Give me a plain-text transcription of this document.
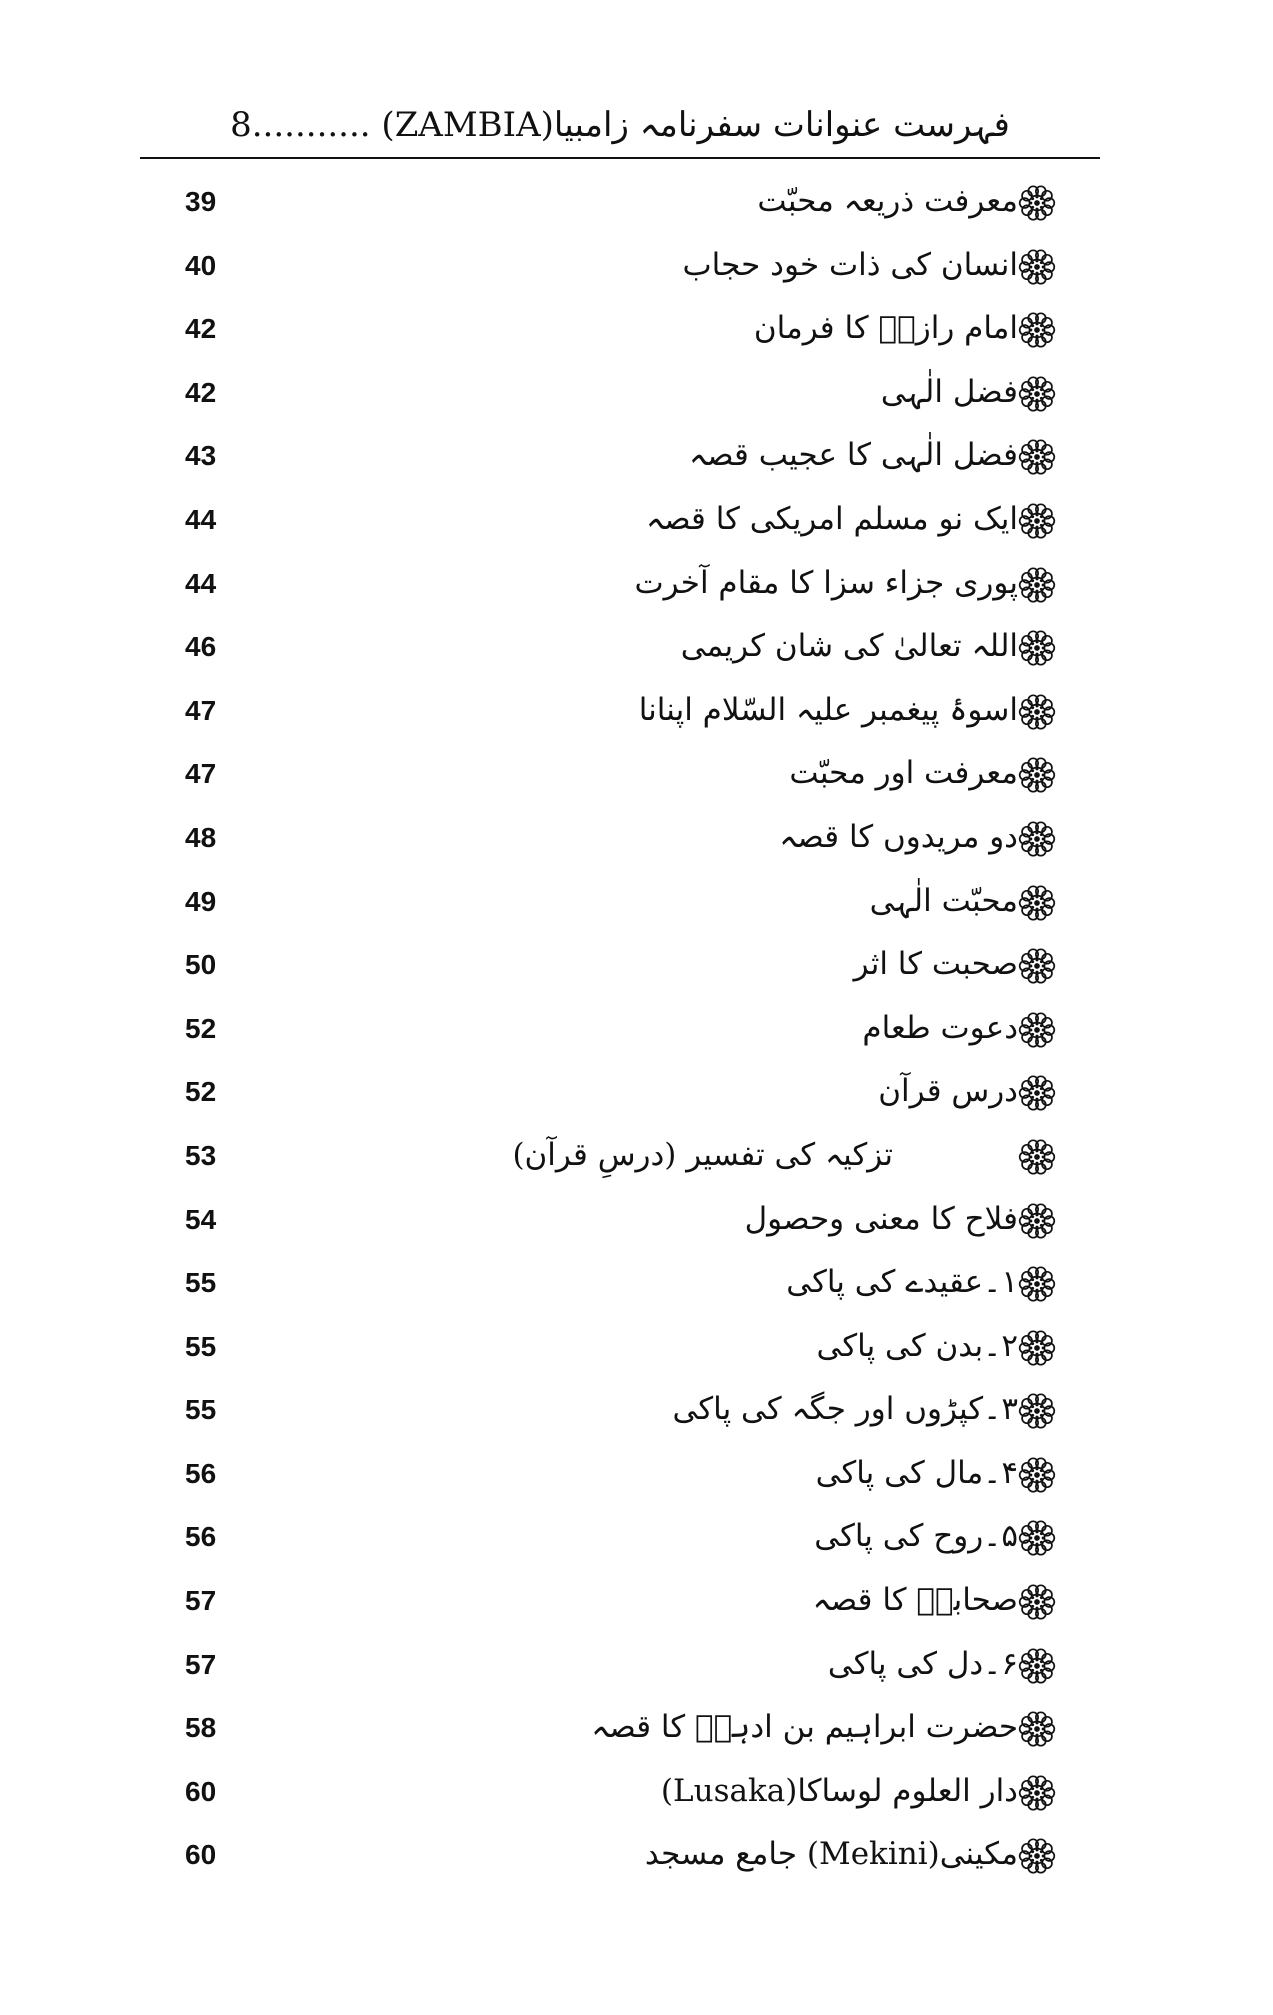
فہرست عنوانات سفرنامہ زامبیا(ZAMBIA) ...........8
39	معرفت ذریعہ محبّت
40	انسان کی ذات خود حجاب
42	امام رازیؒ کا فرمان
42	فضل الٰہی
43	فضل الٰہی کا عجیب قصہ
44	ایک نو مسلم امریکی کا قصہ
44	پوری جزاء سزا کا مقام آخرت
46	اللہ تعالیٰ کی شان کریمی
47	اسوۂ پیغمبر علیہ السّلام اپنانا
47	معرفت اور محبّت
48	دو مریدوں کا قصہ
49	محبّت الٰہی
50	صحبت کا اثر
52	دعوت طعام
52	درس قرآن
53	تزکیہ کی تفسیر (درسِ قرآن)
54	فلاح کا معنی وحصول
55	۱۔عقیدے کی پاکی
55	۲۔بدن کی پاکی
55	۳۔کپڑوں اور جگہ کی پاکی
56	۴۔مال کی پاکی
56	۵۔روح کی پاکی
57	صحابیؓ کا قصہ
57	۶۔دل کی پاکی
58	حضرت ابراہیم بن ادہمؒ کا قصہ
60	دار العلوم لوساکا(Lusaka)
60	مکینی(Mekini) جامع مسجد
